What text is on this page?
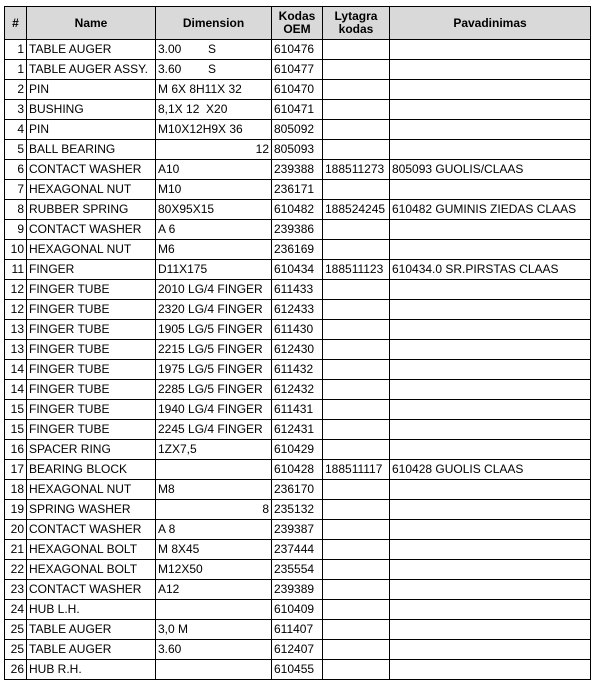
#	Name	Dimension	Kodas OEM	Lytagra kodas	Pavadinimas
1	TABLE AUGER	3.00        S	610476		
1	TABLE AUGER ASSY.	3.60        S	610477		
2	PIN	M 6X 8H11X 32	610470		
3	BUSHING	8,1X 12  X20	610471		
4	PIN	M10X12H9X 36	805092		
5	BALL BEARING	12	805093		
6	CONTACT WASHER	A10	239388	188511273	805093 GUOLIS/CLAAS
7	HEXAGONAL NUT	M10	236171		
8	RUBBER SPRING	80X95X15	610482	188524245	610482 GUMINIS ZIEDAS CLAAS
9	CONTACT WASHER	A 6	239386		
10	HEXAGONAL NUT	M6	236169		
11	FINGER	D11X175	610434	188511123	610434.0 SR.PIRSTAS CLAAS
12	FINGER TUBE	2010 LG/4 FINGER	611433		
12	FINGER TUBE	2320 LG/4 FINGER	612433		
13	FINGER TUBE	1905 LG/5 FINGER	611430		
13	FINGER TUBE	2215 LG/5 FINGER	612430		
14	FINGER TUBE	1975 LG/5 FINGER	611432		
14	FINGER TUBE	2285 LG/5 FINGER	612432		
15	FINGER TUBE	1940 LG/4 FINGER	611431		
15	FINGER TUBE	2245 LG/4 FINGER	612431		
16	SPACER RING	1ZX7,5	610429		
17	BEARING BLOCK		610428	188511117	610428 GUOLIS CLAAS
18	HEXAGONAL NUT	M8	236170		
19	SPRING WASHER	8	235132		
20	CONTACT WASHER	A 8	239387		
21	HEXAGONAL BOLT	M 8X45	237444		
22	HEXAGONAL BOLT	M12X50	235554		
23	CONTACT WASHER	A12	239389		
24	HUB L.H.		610409		
25	TABLE AUGER	3,0 M	611407		
25	TABLE AUGER	3.60	612407		
26	HUB R.H.		610455		
